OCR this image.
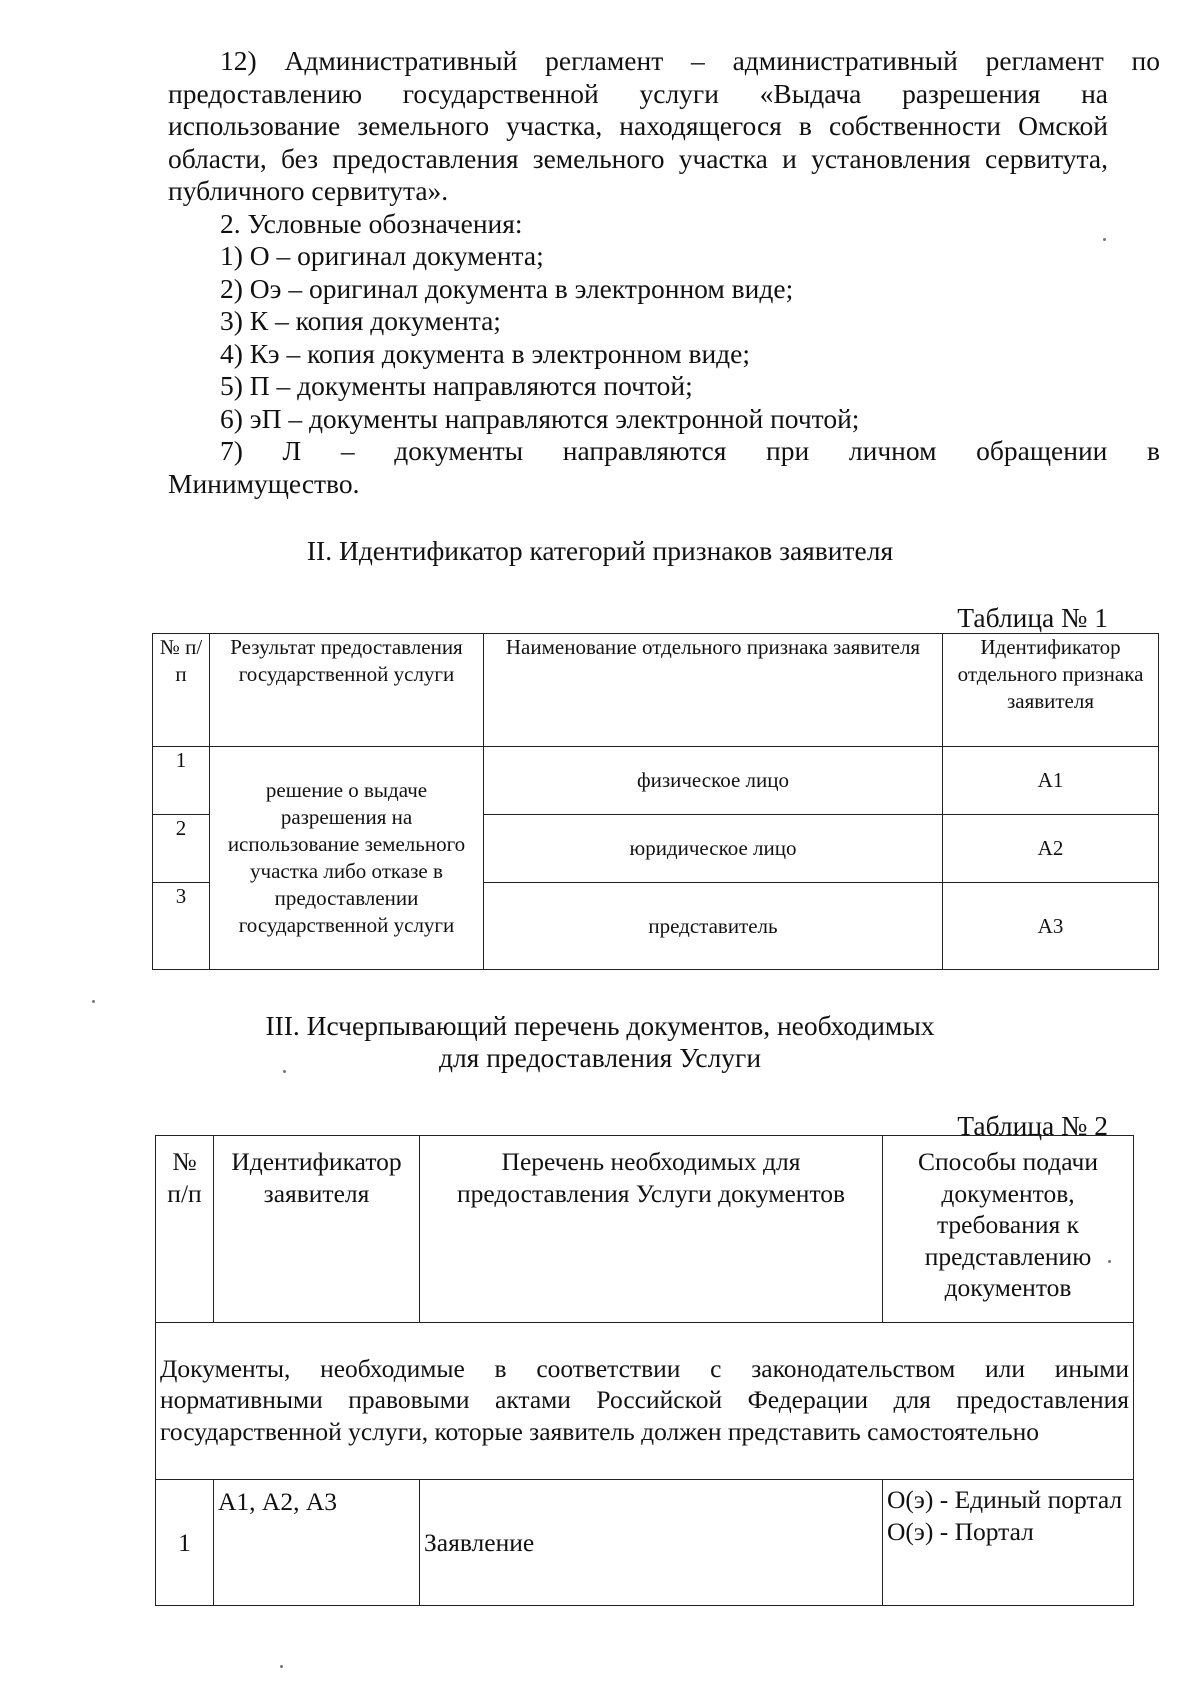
12) Административный регламент – административный регламент по
предоставлению государственной услуги «Выдача разрешения на
использование земельного участка, находящегося в собственности Омской
области, без предоставления земельного участка и установления сервитута,
публичного сервитута».
2. Условные обозначения:
1) О – оригинал документа;
2) Оэ – оригинал документа в электронном виде;
3) К – копия документа;
4) Кэ – копия документа в электронном виде;
5) П – документы направляются почтой;
6) эП – документы направляются электронной почтой;
7) Л – документы направляются при личном обращении в
Минимущество.
II. Идентификатор категорий признаков заявителя
Таблица № 1
№ п/п	Результат предоставления государственной услуги	Наименование отдельного признака заявителя	Идентификатор отдельного признака заявителя
1	решение о выдаче разрешения на использование земельного участка либо отказе в предоставлении государственной услуги	физическое лицо	А1
2		юридическое лицо	А2
3		представитель	А3
III. Исчерпывающий перечень документов, необходимых
для предоставления Услуги
Таблица № 2
№ п/п	Идентификатор заявителя	Перечень необходимых для предоставления Услуги документов	Способы подачи документов, требования к представлению документов
Документы, необходимые в соответствии с законодательством или иными нормативными правовыми актами Российской Федерации для предоставления государственной услуги, которые заявитель должен представить самостоятельно			
1	А1, А2, А3	Заявление	О(э) - Единый портал
О(э) - Портал
